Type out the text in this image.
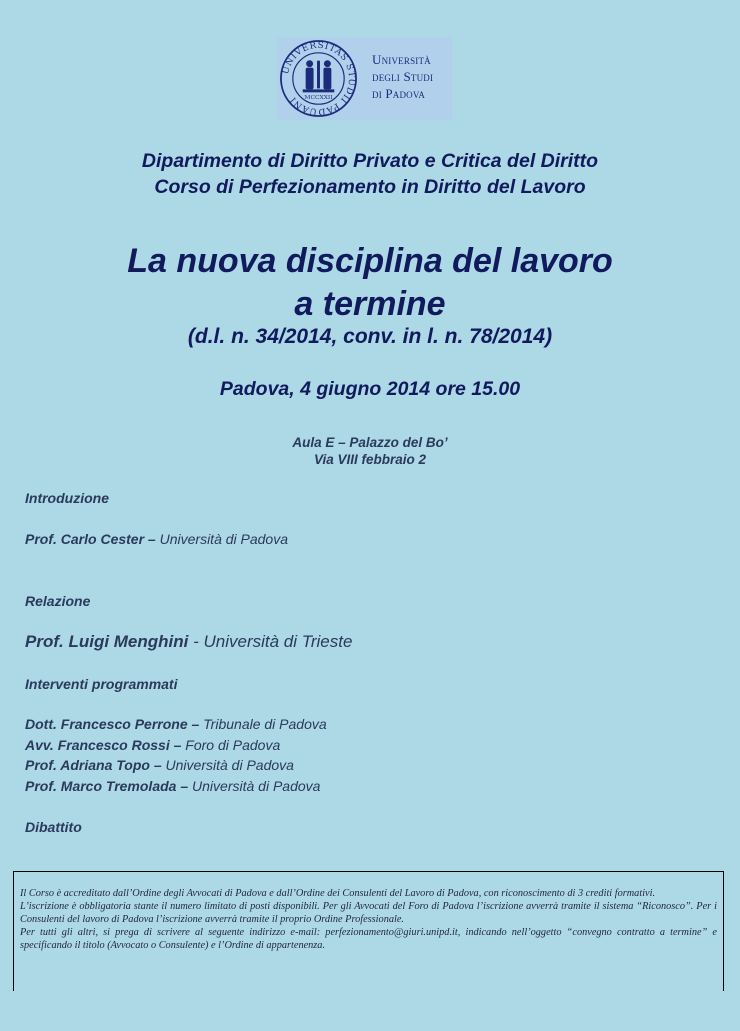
UNIVERSITAS STUDII PADUANI MCCXXII
Università
degli Studi
di Padova
Dipartimento di Diritto Privato e Critica del Diritto
Corso di Perfezionamento in Diritto del Lavoro
La nuova disciplina del lavoro
a termine
(d.l. n. 34/2014, conv. in l. n. 78/2014)
Padova, 4 giugno 2014 ore 15.00
Aula E – Palazzo del Bo’
Via VIII febbraio 2
Introduzione
Prof. Carlo Cester – Università di Padova
Relazione
Prof. Luigi Menghini - Università di Trieste
Interventi programmati
Dott. Francesco Perrone – Tribunale di Padova
Avv. Francesco Rossi – Foro di Padova
Prof. Adriana Topo – Università di Padova
Prof. Marco Tremolada – Università di Padova
Dibattito

Il Corso è accreditato dall’Ordine degli Avvocati di Padova e dall’Ordine dei Consulenti del Lavoro di Padova, con riconoscimento di 3 crediti formativi.

L’iscrizione è obbligatoria stante il numero limitato di posti disponibili. Per gli Avvocati del Foro di Padova l’iscrizione avverrà tramite il sistema “Riconosco”. Per i Consulenti del lavoro di Padova l’iscrizione avverrà tramite il proprio Ordine Professionale.

Per tutti gli altri, si prega di scrivere al seguente indirizzo e-mail: perfezionamento@giuri.unipd.it, indicando nell’oggetto “convegno contratto a termine” e specificando il titolo (Avvocato o Consulente) e l’Ordine di appartenenza.
